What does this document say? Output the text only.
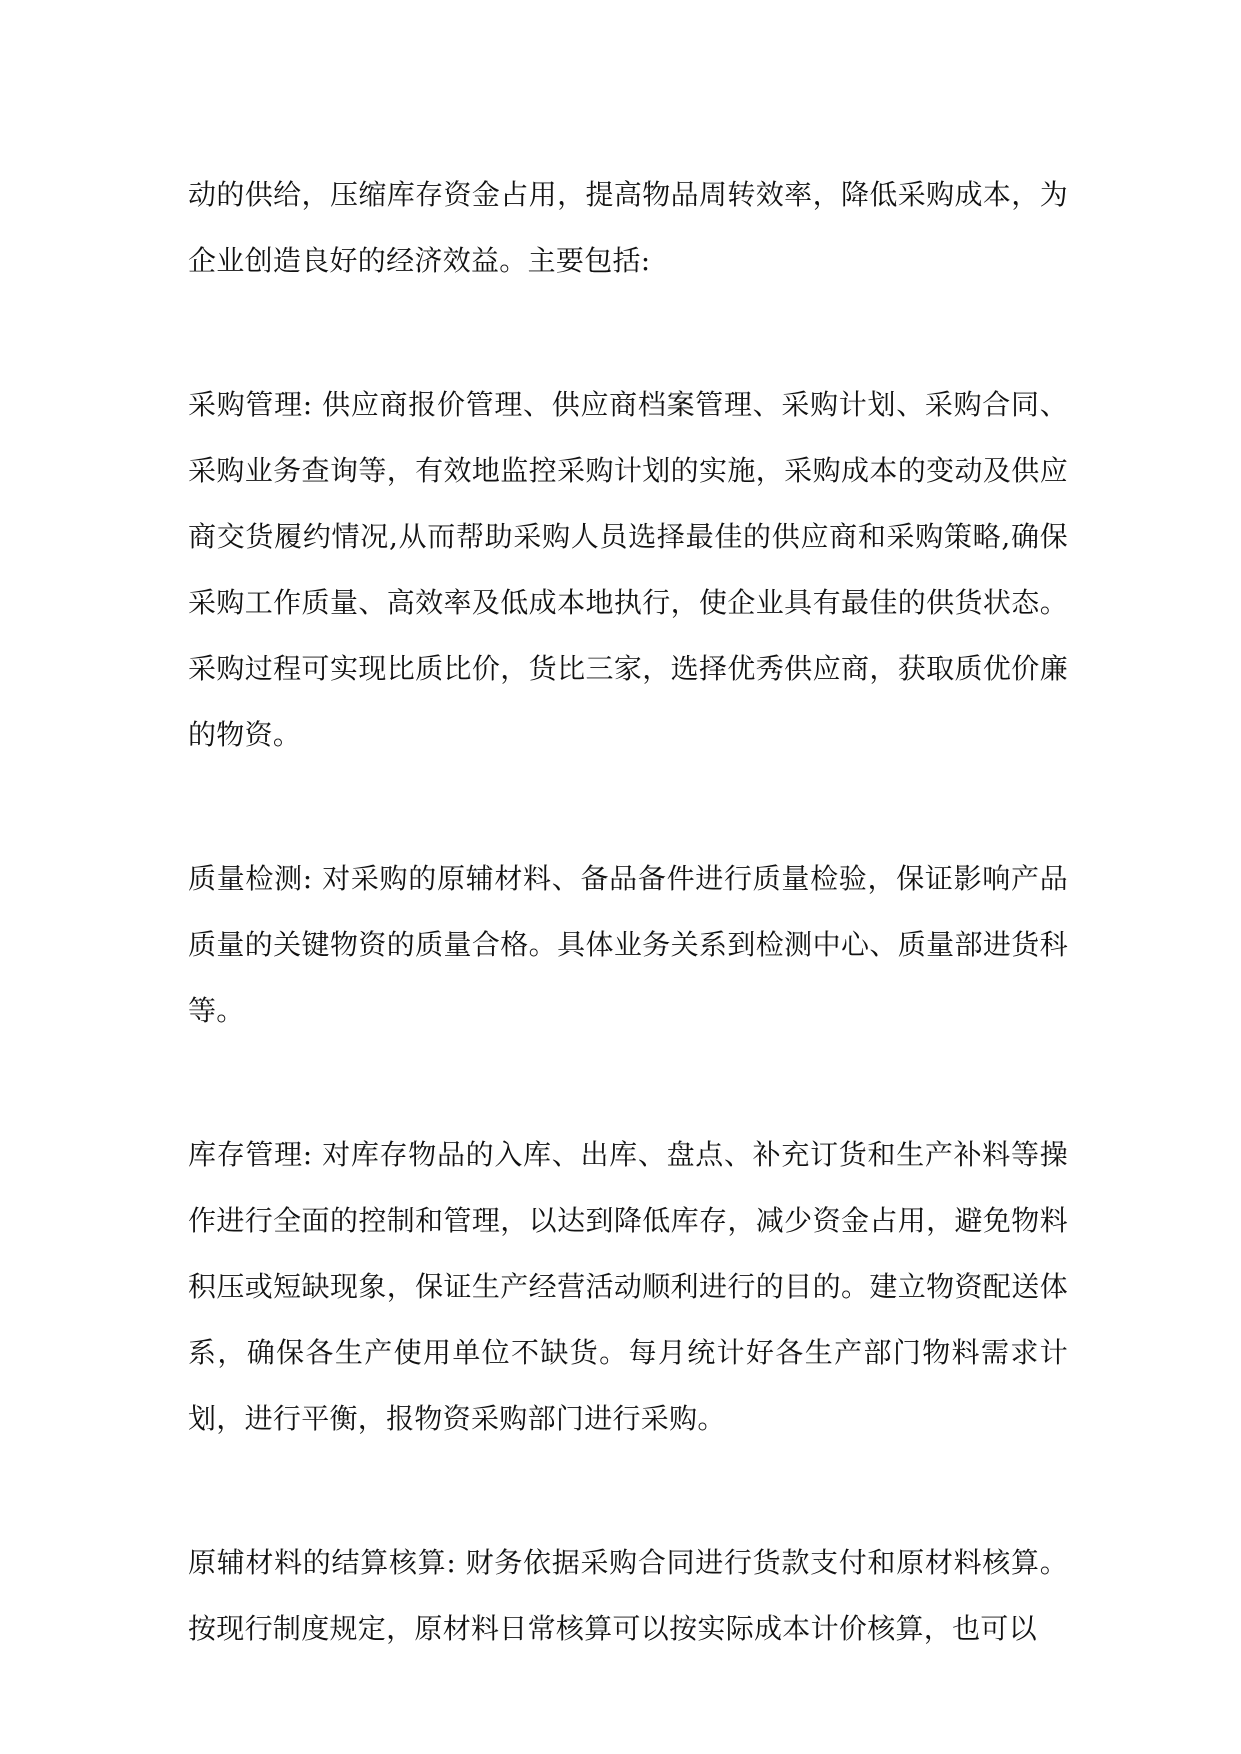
动的供给，压缩库存资金占用，提高物品周转效率，降低采购成本，为企业创造良好的经济效益。主要包括:

采购管理: 供应商报价管理、供应商档案管理、采购计划、采购合同、采购业务查询等，有效地监控采购计划的实施，采购成本的变动及供应商交货履约情况,从而帮助采购人员选择最佳的供应商和采购策略,确保采购工作质量、高效率及低成本地执行，使企业具有最佳的供货状态。采购过程可实现比质比价，货比三家，选择优秀供应商，获取质优价廉的物资。

质量检测: 对采购的原辅材料、备品备件进行质量检验，保证影响产品质量的关键物资的质量合格。具体业务关系到检测中心、质量部进货科等。

库存管理: 对库存物品的入库、出库、盘点、补充订货和生产补料等操作进行全面的控制和管理，以达到降低库存，减少资金占用，避免物料积压或短缺现象，保证生产经营活动顺利进行的目的。建立物资配送体系，确保各生产使用单位不缺货。每月统计好各生产部门物料需求计划，进行平衡，报物资采购部门进行采购。

原辅材料的结算核算: 财务依据采购合同进行货款支付和原材料核算。按现行制度规定，原材料日常核算可以按实际成本计价核算，也可以
